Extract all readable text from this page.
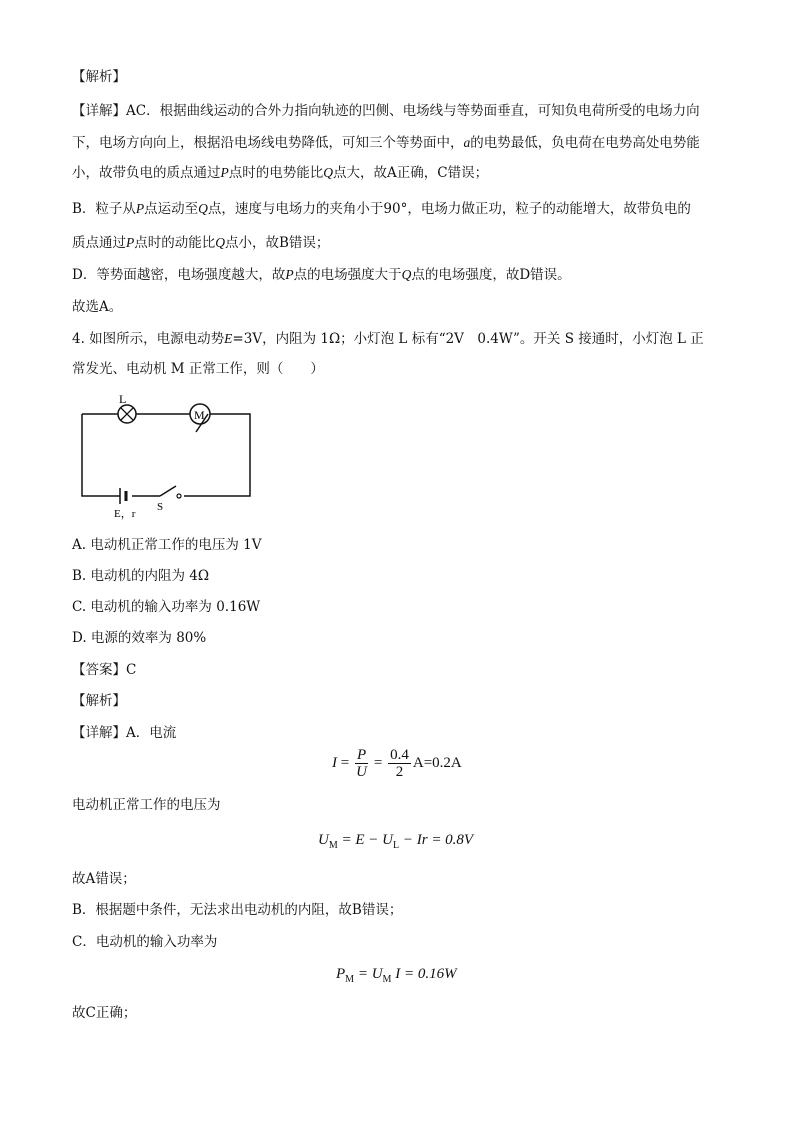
【解析】
【详解】AC．根据曲线运动的合外力指向轨迹的凹侧、电场线与等势面垂直，可知负电荷所受的电场力向
下，电场方向向上，根据沿电场线电势降低，可知三个等势面中，a的电势最低，负电荷在电势高处电势能
小，故带负电的质点通过P点时的电势能比Q点大，故A正确，C错误；
B．粒子从P点运动至Q点，速度与电场力的夹角小于90°，电场力做正功，粒子的动能增大，故带负电的
质点通过P点时的动能比Q点小，故B错误；
D．等势面越密，电场强度越大，故P点的电场强度大于Q点的电场强度，故D错误。
故选A。
4. 如图所示，电源电动势E=3V，内阻为 1Ω；小灯泡 L 标有“2V　0.4W”。开关 S 接通时，小灯泡 L 正
常发光、电动机 M 正常工作，则（　　）
L
M
E，r
S
A. 电动机正常工作的电压为 1V
B. 电动机的内阻为 4Ω
C. 电动机的输入功率为 0.16W
D. 电源的效率为 80%
【答案】C
【解析】
【详解】A．电流
$I = \frac{P}{U} = \frac{0.4}{2} A=0.2A$
电动机正常工作的电压为
$U_M = E - U_L - Ir = 0.8V$
故A错误；
B．根据题中条件，无法求出电动机的内阻，故B错误；
C．电动机的输入功率为
$P_M = U_M$ I = 0.16W
故C正确；
